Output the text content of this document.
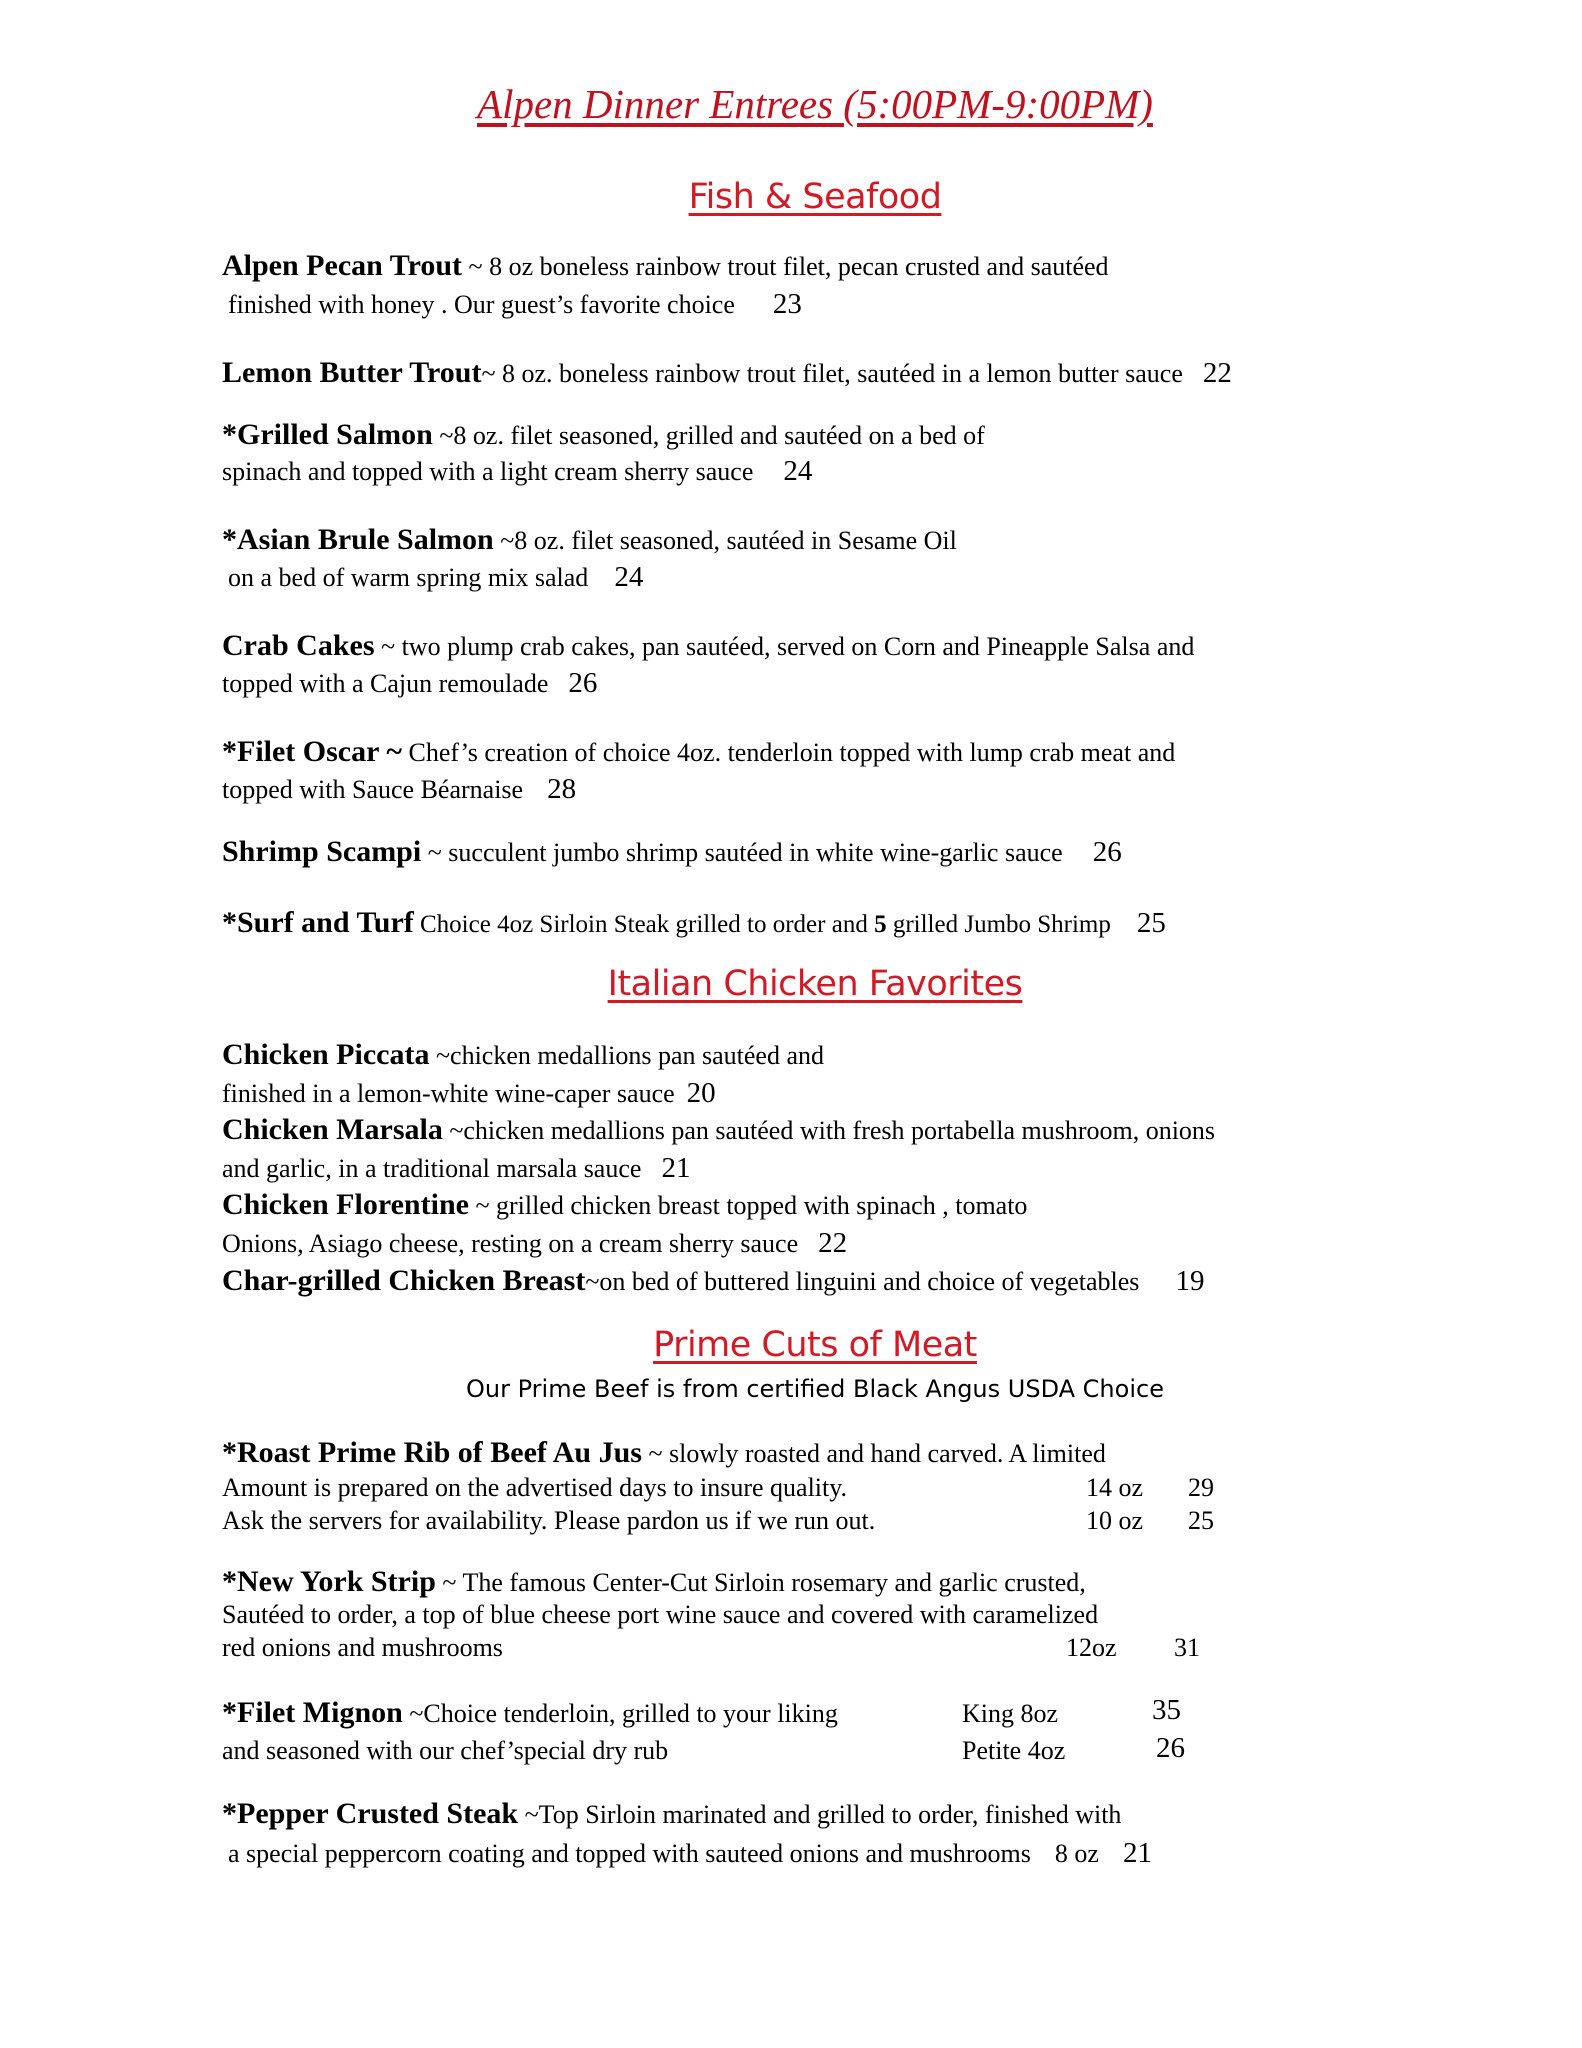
Alpen Dinner Entrees (5:00PM-9:00PM)
Fish & Seafood
Alpen Pecan Trout ~ 8 oz boneless rainbow trout filet, pecan crusted and sautéed
finished with honey . Our guest’s favorite choice 23
Lemon Butter Trout~ 8 oz. boneless rainbow trout filet, sautéed in a lemon butter sauce 22
*Grilled Salmon ~8 oz. filet seasoned, grilled and sautéed on a bed of
spinach and topped with a light cream sherry sauce 24
*Asian Brule Salmon ~8 oz. filet seasoned, sautéed in Sesame Oil
on a bed of warm spring mix salad 24
Crab Cakes ~ two plump crab cakes, pan sautéed, served on Corn and Pineapple Salsa and
topped with a Cajun remoulade 26
*Filet Oscar ~ Chef’s creation of choice 4oz. tenderloin topped with lump crab meat and
topped with Sauce Béarnaise 28
Shrimp Scampi ~ succulent jumbo shrimp sautéed in white wine-garlic sauce 26
*Surf and Turf Choice 4oz Sirloin Steak grilled to order and 5 grilled Jumbo Shrimp 25
Italian Chicken Favorites
Chicken Piccata ~chicken medallions pan sautéed and
finished in a lemon-white wine-caper sauce 20
Chicken Marsala ~chicken medallions pan sautéed with fresh portabella mushroom, onions
and garlic, in a traditional marsala sauce 21
Chicken Florentine ~ grilled chicken breast topped with spinach , tomato
Onions, Asiago cheese, resting on a cream sherry sauce 22
Char-grilled Chicken Breast~on bed of buttered linguini and choice of vegetables 19
Prime Cuts of Meat
Our Prime Beef is from certified Black Angus USDA Choice
*Roast Prime Rib of Beef Au Jus ~ slowly roasted and hand carved. A limited
Amount is prepared on the advertised days to insure quality.
Ask the servers for availability. Please pardon us if we run out.
14 oz 29
10 oz 25
*New York Strip ~ The famous Center-Cut Sirloin rosemary and garlic crusted,
Sautéed to order, a top of blue cheese port wine sauce and covered with caramelized
red onions and mushrooms	12oz 31
*Filet Mignon ~Choice tenderloin, grilled to your liking
and seasoned with our chef’special dry rub
King 8oz	35
Petite 4oz	26
*Pepper Crusted Steak ~Top Sirloin marinated and grilled to order, finished with
a special peppercorn coating and topped with sauteed onions and mushrooms 8 oz 21
